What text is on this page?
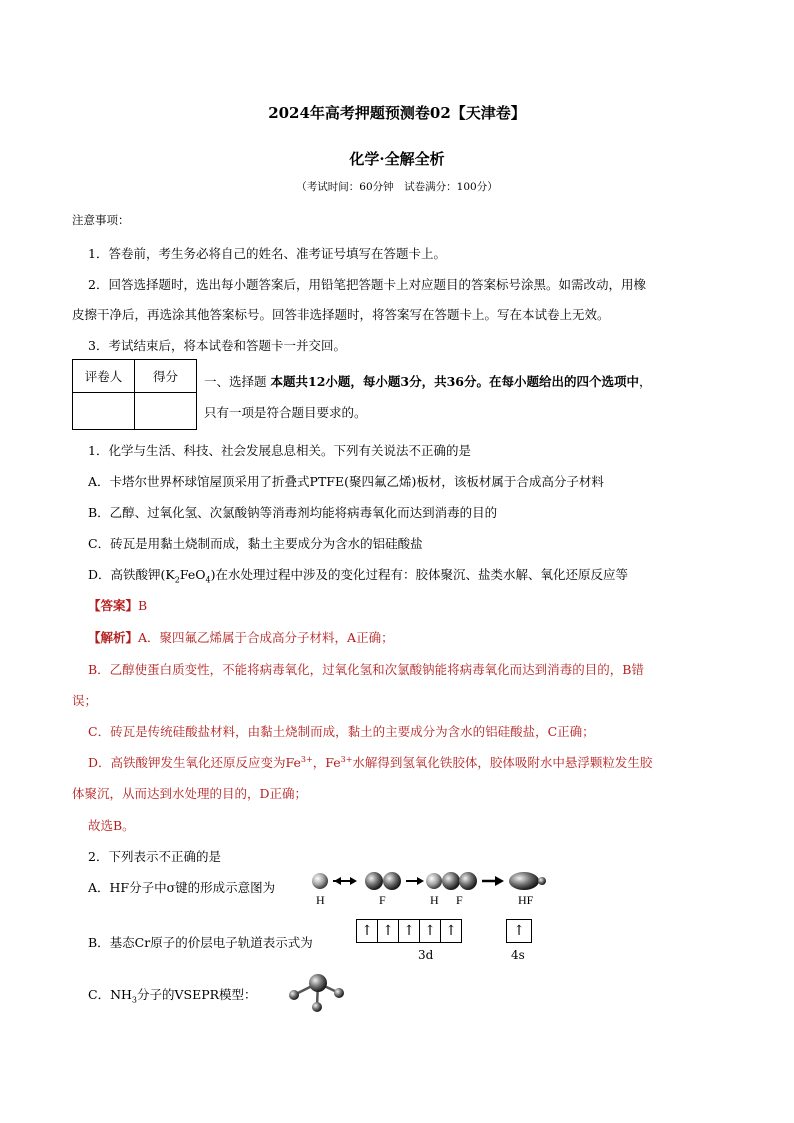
2024年高考押题预测卷02【天津卷】
化学·全解全析
（考试时间：60分钟　试卷满分：100分）
注意事项：
1．答卷前，考生务必将自己的姓名、准考证号填写在答题卡上。
2．回答选择题时，选出每小题答案后，用铅笔把答题卡上对应题目的答案标号涂黑。如需改动，用橡
皮擦干净后，再选涂其他答案标号。回答非选择题时，将答案写在答题卡上。写在本试卷上无效。
3．考试结束后，将本试卷和答题卡一并交回。
评卷人	得分
	一、选择题 本题共12小题，每小题3分，共36分。在每小题给出的四个选项中，
只有一项是符合题目要求的。
1．化学与生活、科技、社会发展息息相关。下列有关说法不正确的是
A．卡塔尔世界杯球馆屋顶采用了折叠式PTFE(聚四氟乙烯)板材，该板材属于合成高分子材料
B．乙醇、过氧化氢、次氯酸钠等消毒剂均能将病毒氧化而达到消毒的目的
C．砖瓦是用黏土烧制而成，黏土主要成分为含水的铝硅酸盐
D．高铁酸钾$(K_2FeO_4)$在水处理过程中涉及的变化过程有：胶体聚沉、盐类水解、氧化还原反应等
【答案】B
【解析】A．聚四氟乙烯属于合成高分子材料，A正确；
B．乙醇使蛋白质变性，不能将病毒氧化，过氧化氢和次氯酸钠能将病毒氧化而达到消毒的目的，B错
误；
C．砖瓦是传统硅酸盐材料，由黏土烧制而成，黏土的主要成分为含水的铝硅酸盐，C正确；
D．高铁酸钾发生氧化还原反应变为$Fe^{3+}$，$Fe^{3+}$水解得到氢氧化铁胶体，胶体吸附水中悬浮颗粒发生胶
体聚沉，从而达到水处理的目的，D正确；
故选B。
2．下列表示不正确的是
A．HF分子中σ键的形成示意图为
H	F	H F	HF
B．基态Cr原子的价层电子轨道表示式为
↑ ↑ ↑ ↑ ↑	↑
3d	4s
C．$NH_3$分子的VSEPR模型：
